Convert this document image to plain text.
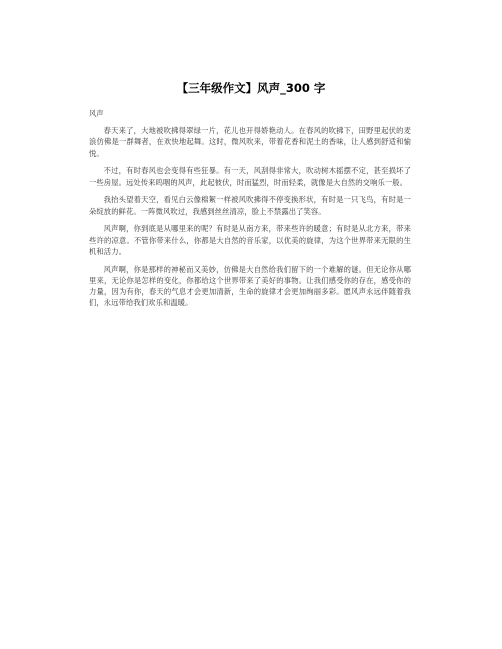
【三年级作文】风声_300 字

风声

春天来了，大地被吹拂得翠绿一片，花儿也开得娇艳动人。在春风的吹拂下，田野里起伏的麦浪仿佛是一群舞者，在欢快地起舞。这时，微风吹来，带着花香和泥土的香味，让人感到舒适和愉悦。

不过，有时春风也会变得有些狂暴。有一天，风刮得非常大，吹动树木摇摆不定，甚至损坏了一些房屋。远处传来呜咽的风声，此起彼伏，时而猛烈，时而轻柔，就像是大自然的交响乐一般。

我抬头望着天空，看见白云像棉絮一样被风吹拂得不停变换形状，有时是一只飞鸟，有时是一朵绽放的鲜花。一阵微风吹过，我感到丝丝清凉，脸上不禁露出了笑容。

风声啊，你到底是从哪里来的呢？有时是从南方来，带来些许的暖意；有时是从北方来，带来些许的凉意。不管你带来什么，你都是大自然的音乐家，以优美的旋律，为这个世界带来无限的生机和活力。

风声啊，你是那样的神秘而又美妙，仿佛是大自然给我们留下的一个难解的谜。但无论你从哪里来，无论你是怎样的变化，你都给这个世界带来了美好的事物。让我们感受你的存在，感受你的力量，因为有你，春天的气息才会更加清新，生命的旋律才会更加绚丽多彩。愿风声永远伴随着我们，永远带给我们欢乐和温暖。
